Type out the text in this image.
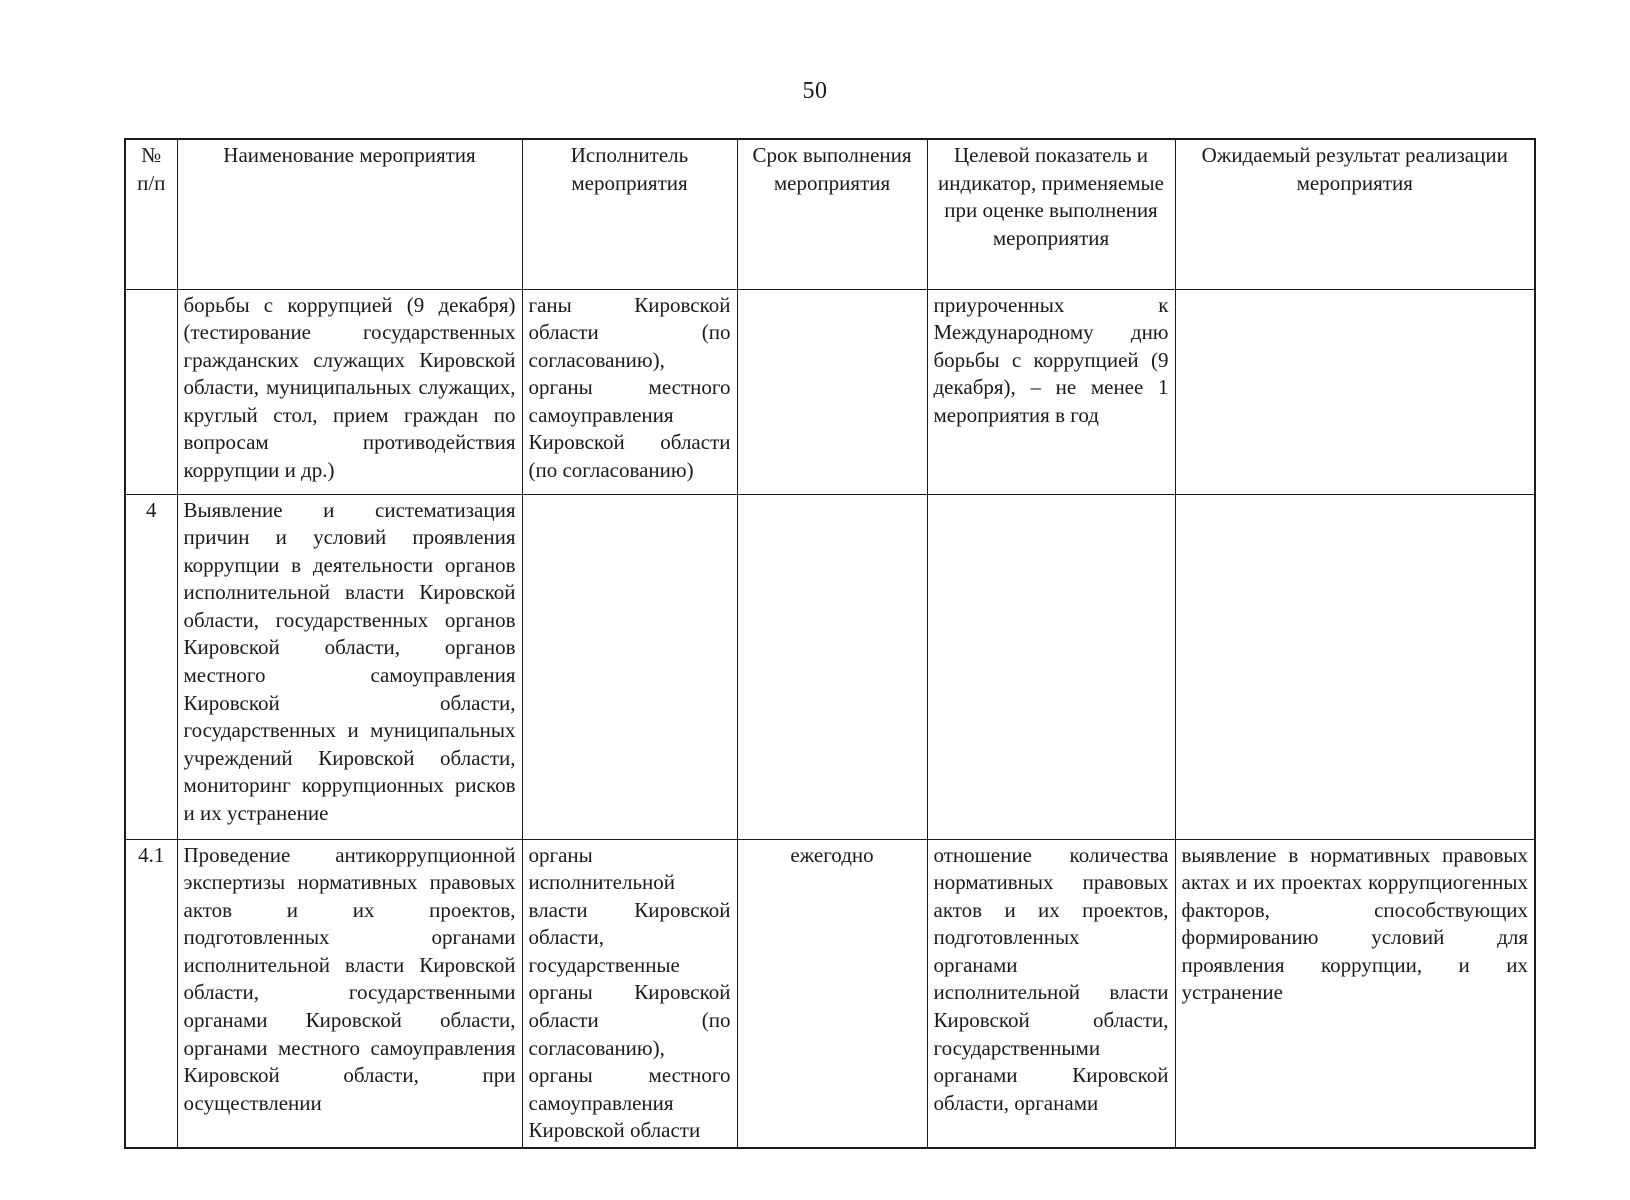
50
№ п/п	Наименование мероприятия	Исполнитель мероприятия	Срок выполнения мероприятия	Целевой показатель и индикатор, применяемые при оценке выполнения мероприятия	Ожидаемый результат реализации мероприятия
	борьбы с коррупцией (9 декабря) (тестирование государственных гражданских служащих Кировской области, муниципальных служащих, круглый стол, прием граждан по вопросам противодействия коррупции и др.)	ганы Кировской области (по согласованию), органы местного самоуправления Кировской области (по согласованию)		приуроченных к Международному дню борьбы с коррупцией (9 декабря), – не менее 1 мероприятия в год	
4	Выявление и систематизация причин и условий проявления коррупции в деятельности органов исполнительной власти Кировской области, государственных органов Кировской области, органов местного самоуправления Кировской области, государственных и муниципальных учреждений Кировской области, мониторинг коррупционных рисков и их устранение				
4.1	Проведение антикоррупционной экспертизы нормативных правовых актов и их проектов, подготовленных органами исполнительной власти Кировской области, государственными органами Кировской области, органами местного самоуправления Кировской области, при осуществлении	органы исполнительной власти Кировской области, государственные органы Кировской области (по согласованию), органы местного самоуправления Кировской области	ежегодно	отношение количества нормативных правовых актов и их проектов, подготовленных органами исполнительной власти Кировской области, государственными органами Кировской области, органами	выявление в нормативных правовых актах и их проектах коррупциогенных факторов, способствующих формированию условий для проявления коррупции, и их устранение
